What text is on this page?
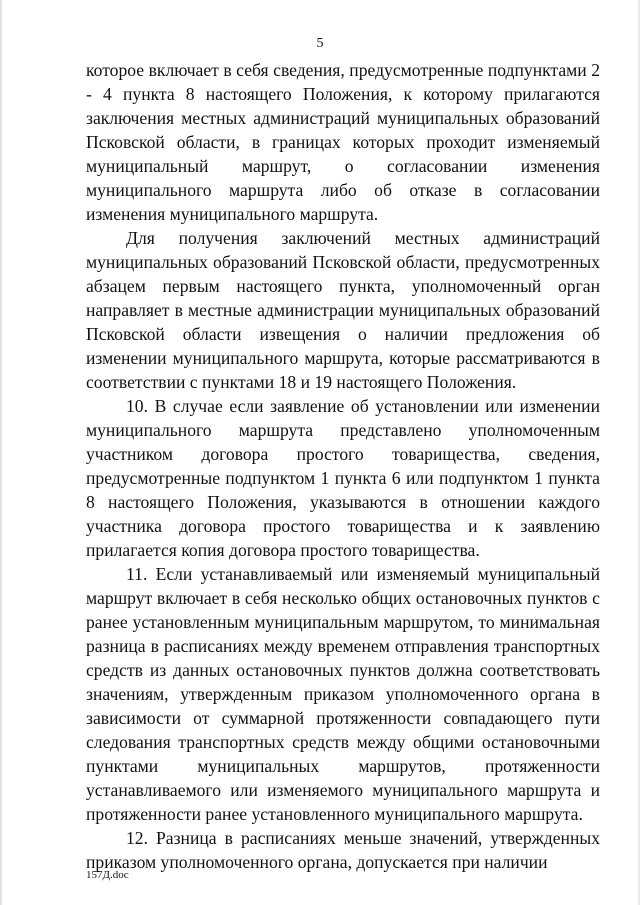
5

которое включает в себя сведения, предусмотренные подпунктами 2 - 4 пункта 8 настоящего Положения, к которому прилагаются заключения местных администраций муниципальных образований Псковской области, в границах которых проходит изменяемый муниципальный маршрут, о согласовании изменения муниципального маршрута либо об отказе в согласовании изменения муниципального маршрута.

Для получения заключений местных администраций муниципальных образований Псковской области, предусмотренных абзацем первым настоящего пункта, уполномоченный орган направляет в местные администрации муниципальных образований Псковской области извещения о наличии предложения об изменении муниципального маршрута, которые рассматриваются в соответствии с пунктами 18 и 19 настоящего Положения.

10. В случае если заявление об установлении или изменении муниципального маршрута представлено уполномоченным участником договора простого товарищества, сведения, предусмотренные подпунктом 1 пункта 6 или подпунктом 1 пункта 8 настоящего Положения, указываются в отношении каждого участника договора простого товарищества и к заявлению прилагается копия договора простого товарищества.

11. Если устанавливаемый или изменяемый муниципальный маршрут включает в себя несколько общих остановочных пунктов с ранее установленным муниципальным маршрутом, то минимальная разница в расписаниях между временем отправления транспортных средств из данных остановочных пунктов должна соответствовать значениям, утвержденным приказом уполномоченного органа в зависимости от суммарной протяженности совпадающего пути следования транспортных средств между общими остановочными пунктами муниципальных маршрутов, протяженности устанавливаемого или изменяемого муниципального маршрута и протяженности ранее установленного муниципального маршрута.

12. Разница в расписаниях меньше значений, утвержденных приказом уполномоченного органа, допускается при наличии

157Д.doc
